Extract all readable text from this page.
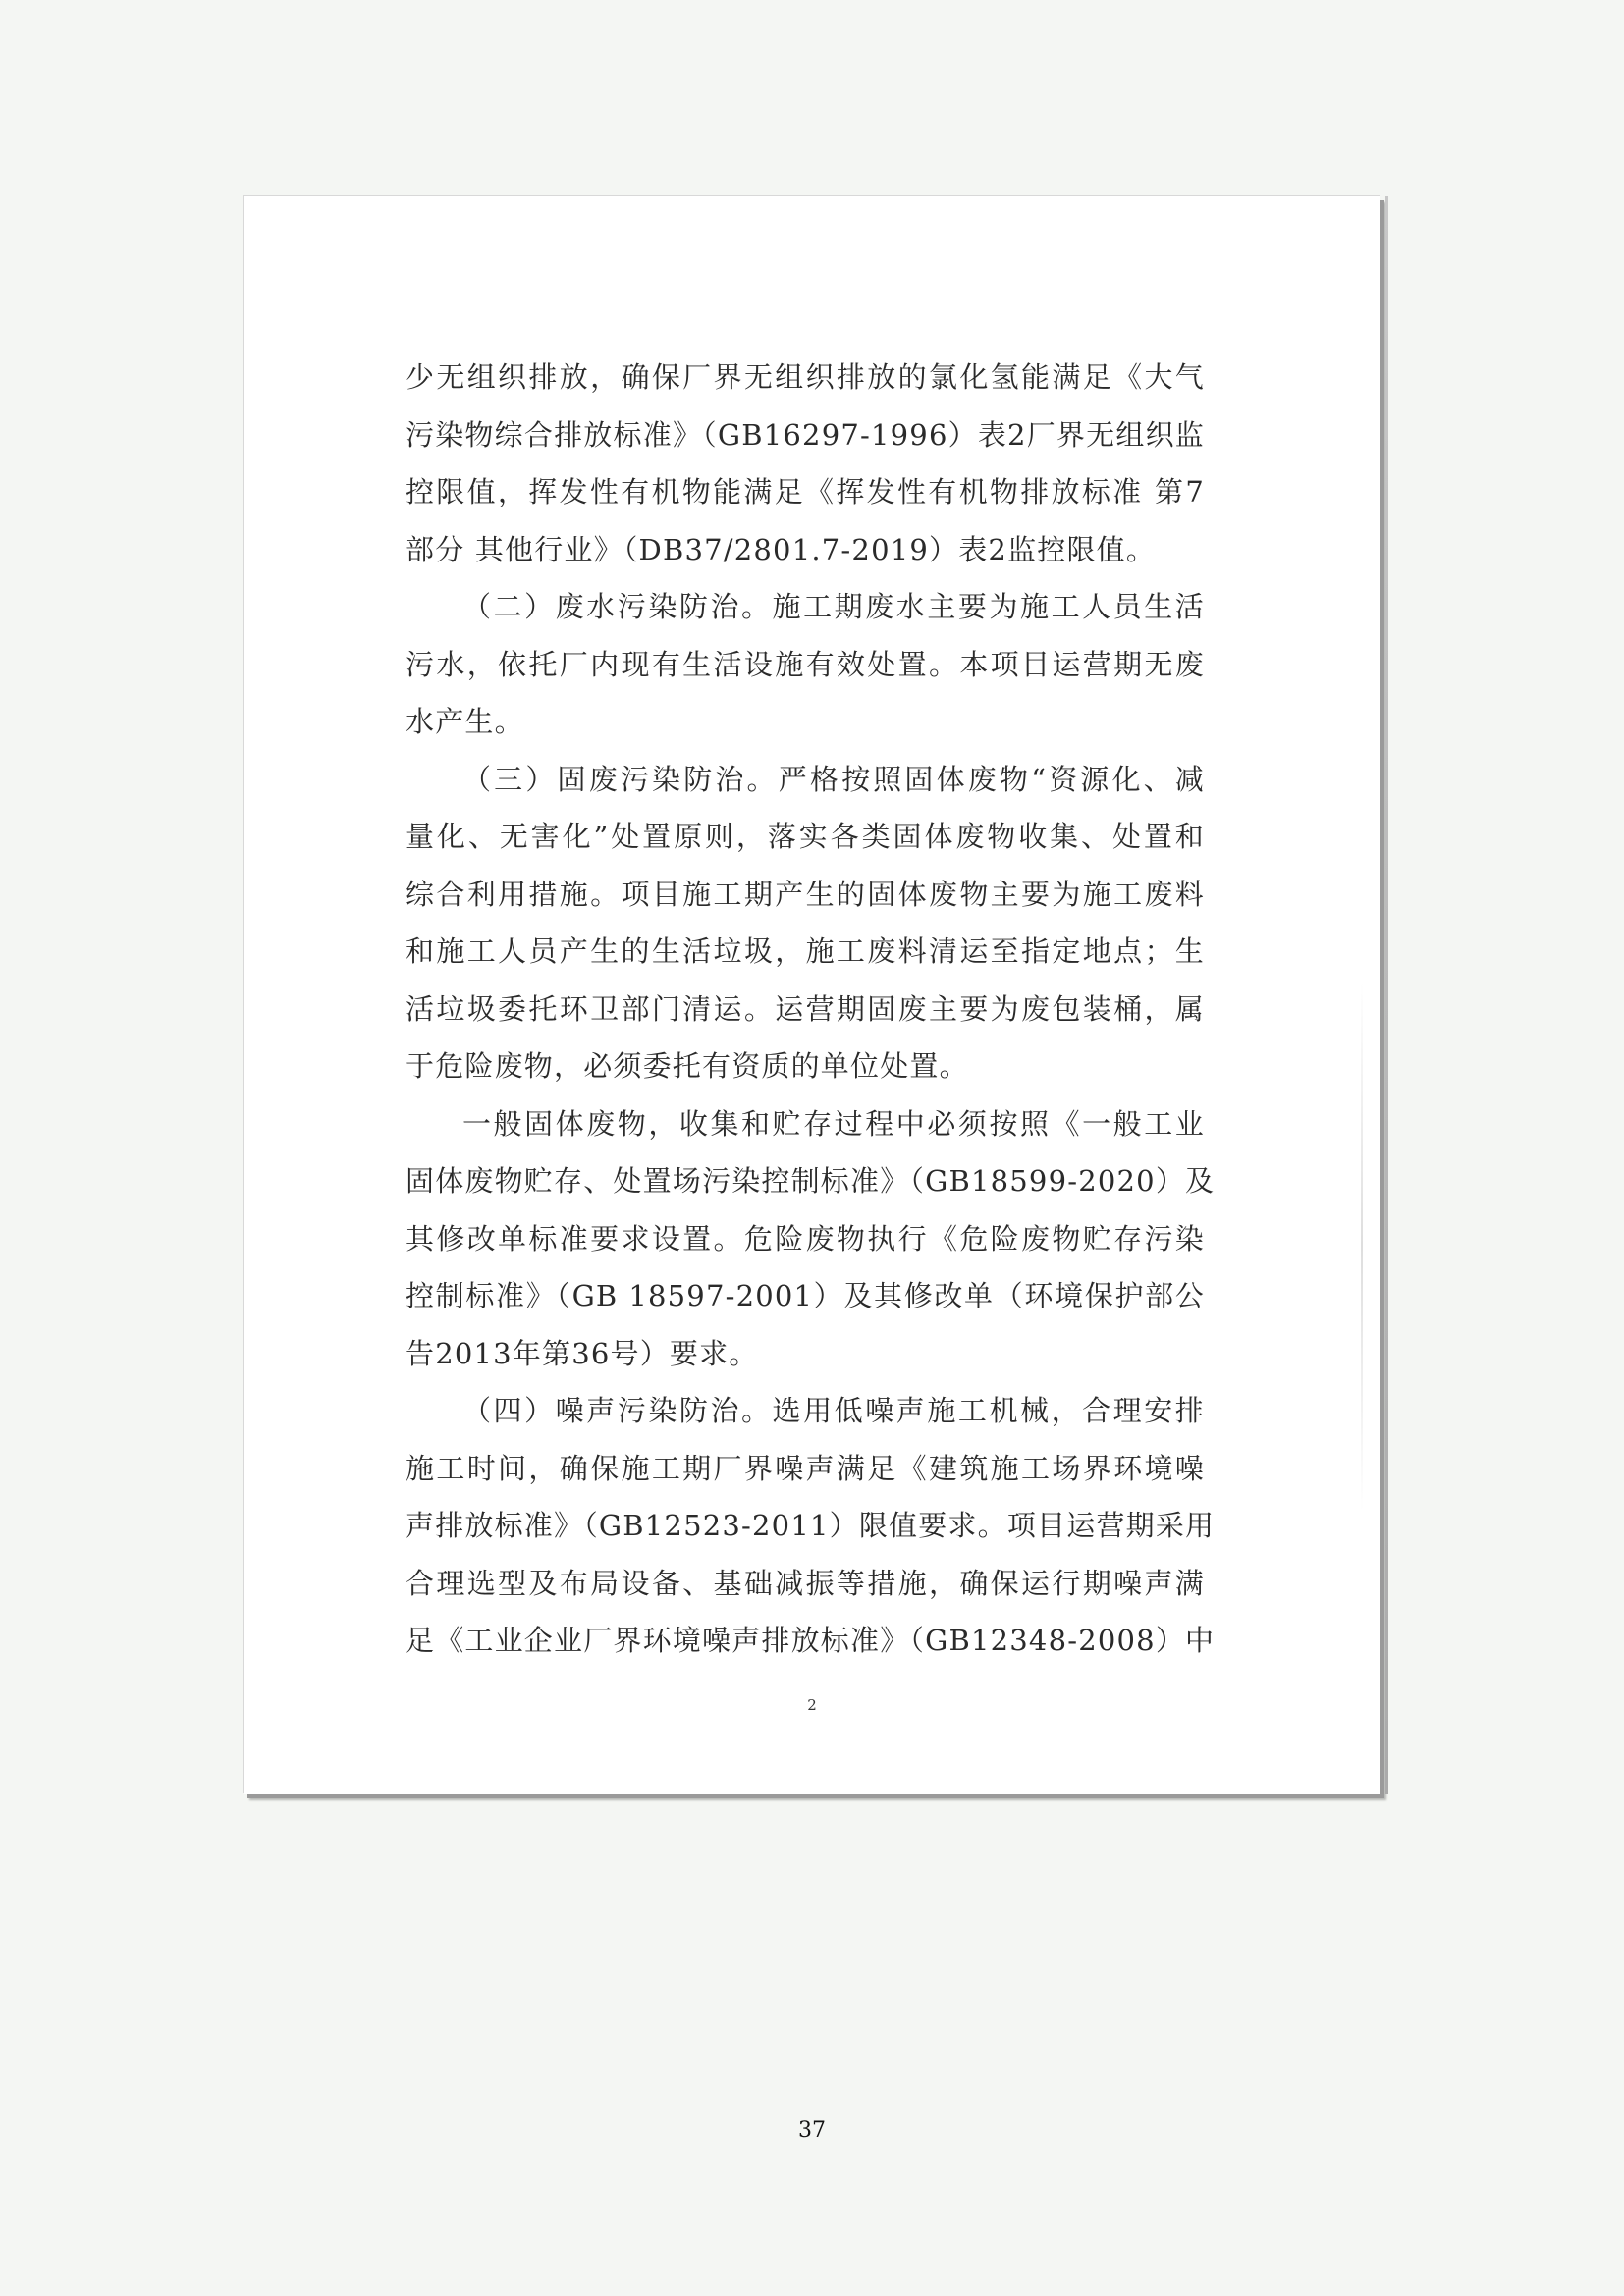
少无组织排放，确保厂界无组织排放的氯化氢能满足《大气
污染物综合排放标准》（GB16297-1996）表2厂界无组织监
控限值，挥发性有机物能满足《挥发性有机物排放标准 第7
部分 其他行业》（DB37/2801.7-2019）表2监控限值。
（二）废水污染防治。施工期废水主要为施工人员生活
污水，依托厂内现有生活设施有效处置。本项目运营期无废
水产生。
（三）固废污染防治。严格按照固体废物“资源化、减
量化、无害化”处置原则，落实各类固体废物收集、处置和
综合利用措施。项目施工期产生的固体废物主要为施工废料
和施工人员产生的生活垃圾，施工废料清运至指定地点；生
活垃圾委托环卫部门清运。运营期固废主要为废包装桶，属
于危险废物，必须委托有资质的单位处置。
一般固体废物，收集和贮存过程中必须按照《一般工业
固体废物贮存、处置场污染控制标准》（GB18599-2020）及
其修改单标准要求设置。危险废物执行《危险废物贮存污染
控制标准》（GB 18597-2001）及其修改单（环境保护部公
告2013年第36号）要求。
（四）噪声污染防治。选用低噪声施工机械，合理安排
施工时间，确保施工期厂界噪声满足《建筑施工场界环境噪
声排放标准》（GB12523-2011）限值要求。项目运营期采用
合理选型及布局设备、基础减振等措施，确保运行期噪声满
足《工业企业厂界环境噪声排放标准》（GB12348-2008）中
2
37
